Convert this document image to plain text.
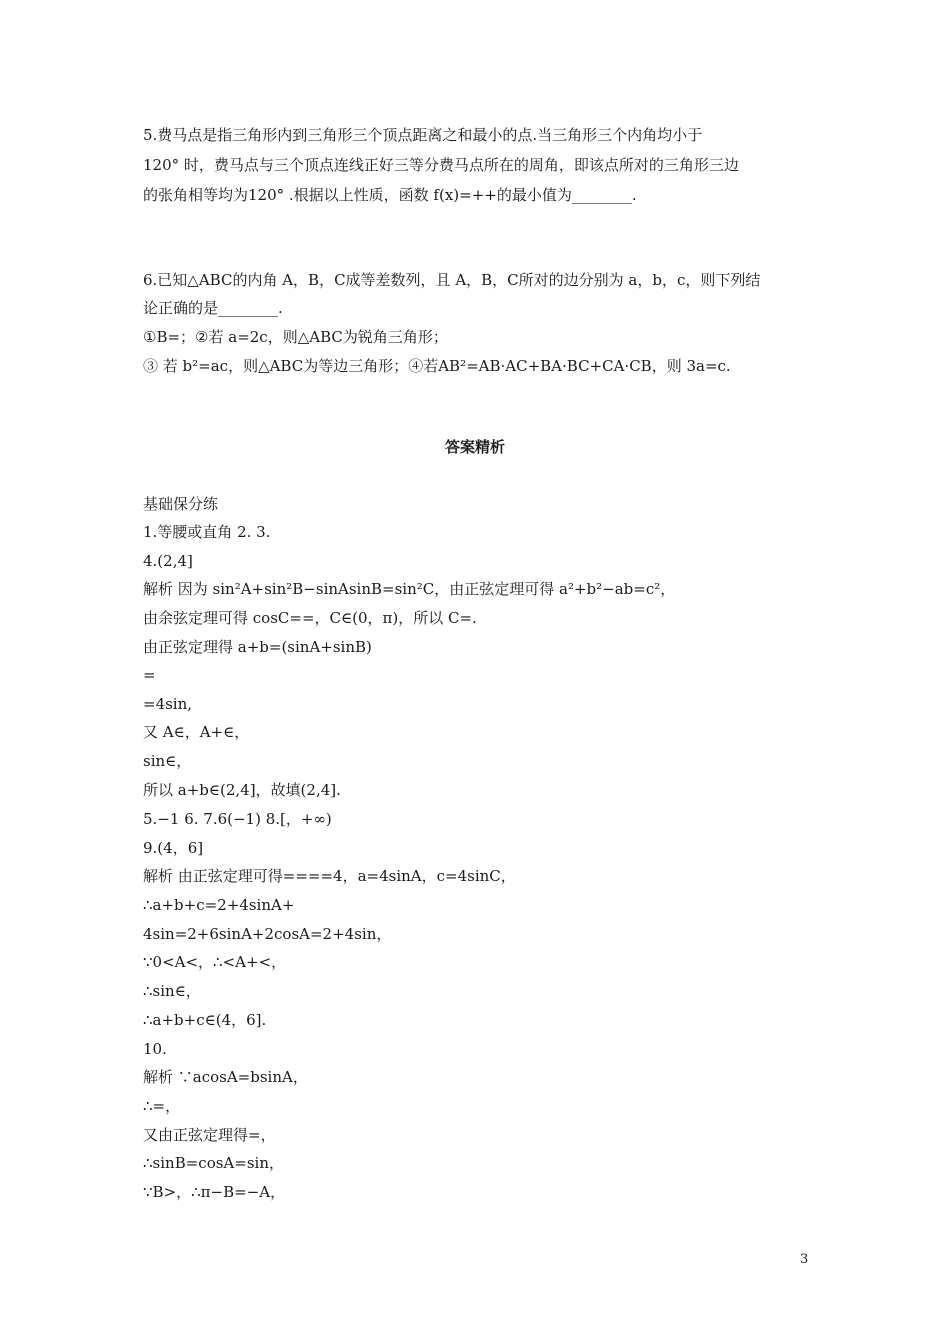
5.费马点是指三角形内到三角形三个顶点距离之和最小的点.当三角形三个内角均小于
120° 时，费马点与三个顶点连线正好三等分费马点所在的周角，即该点所对的三角形三边
的张角相等均为120° .根据以上性质，函数 f(x)=++的最小值为________.
6.已知△ABC的内角 A，B，C成等差数列，且 A，B，C所对的边分别为 a，b，c，则下列结
论正确的是________.
①B=；②若 a=2c，则△ABC为锐角三角形；
③ 若 b²=ac，则△ABC为等边三角形；④若AB²=AB·AC+BA·BC+CA·CB，则 3a=c.
答案精析
基础保分练
1.等腰或直角 2. 3.
4.(2,4]
解析 因为 sin²A+sin²B−sinAsinB=sin²C，由正弦定理可得 a²+b²−ab=c²，
由余弦定理可得 cosC==，C∈(0，π)，所以 C=.
由正弦定理得 a+b=(sinA+sinB)
=
=4sin,
又 A∈，A+∈，
sin∈，
所以 a+b∈(2,4]，故填(2,4].
5.−1 6. 7.6(−1) 8.[，+∞)
9.(4，6]
解析 由正弦定理可得====4，a=4sinA，c=4sinC，
∴a+b+c=2+4sinA+
4sin=2+6sinA+2cosA=2+4sin，
∵0<A<，∴<A+<，
∴sin∈，
∴a+b+c∈(4，6].
10.
解析 ∵acosA=bsinA，
∴=，
又由正弦定理得=，
∴sinB=cosA=sin，
∵B>，∴π−B=−A，
3
